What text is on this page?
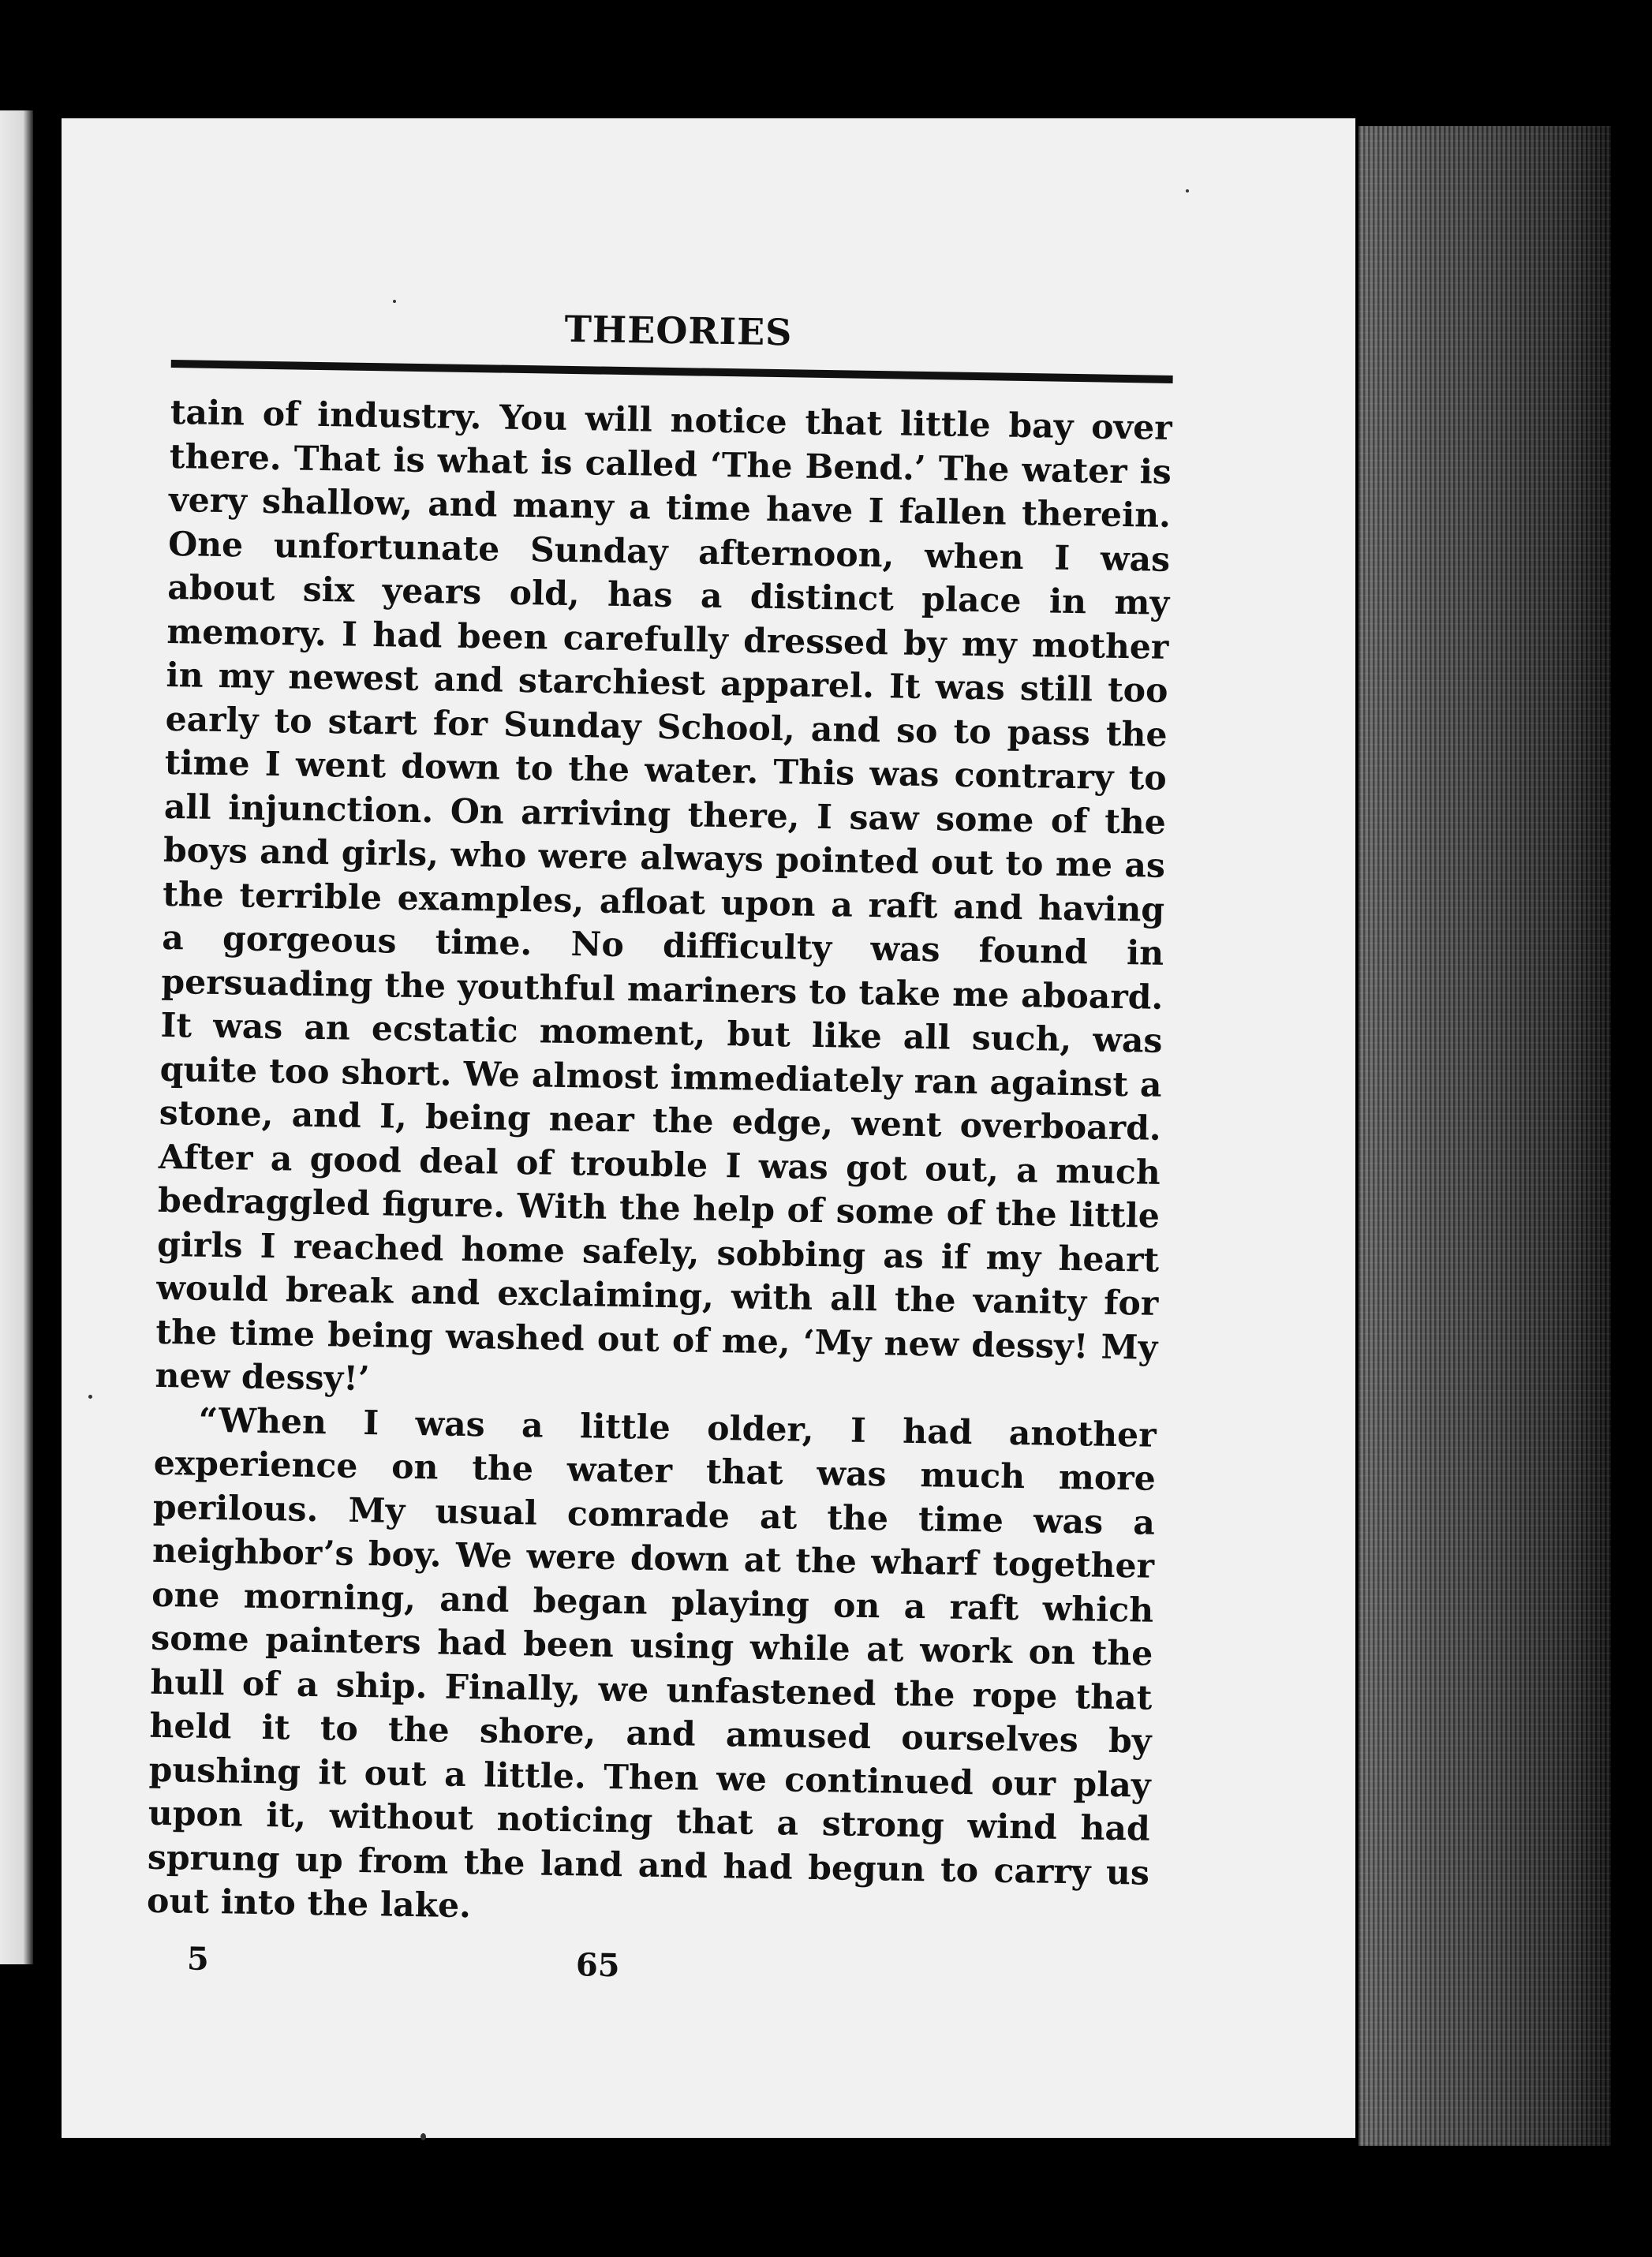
THEORIES

tain of industry. You will notice that little bay over there. That is what is called ‘The Bend.’ The water is very shallow, and many a time have I fallen therein. One unfortunate Sunday afternoon, when I was about six years old, has a distinct place in my memory. I had been carefully dressed by my mother in my newest and starchiest apparel. It was still too early to start for Sunday School, and so to pass the time I went down to the water. This was contrary to all injunction. On arriving there, I saw some of the boys and girls, who were always pointed out to me as the terrible examples, afloat upon a raft and having a gorgeous time. No difficulty was found in persuading the youthful mariners to take me aboard. It was an ecstatic moment, but like all such, was quite too short. We almost immediately ran against a stone, and I, being near the edge, went overboard. After a good deal of trouble I was got out, a much bedraggled figure. With the help of some of the little girls I reached home safely, sobbing as if my heart would break and exclaiming, with all the vanity for the time being washed out of me, ‘My new dessy! My new dessy!’

“When I was a little older, I had another experience on the water that was much more perilous. My usual comrade at the time was a neighbor’s boy. We were down at the wharf together one morning, and began playing on a raft which some painters had been using while at work on the hull of a ship. Finally, we unfastened the rope that held it to the shore, and amused ourselves by pushing it out a little. Then we continued our play upon it, without noticing that a strong wind had sprung up from the land and had begun to carry us out into the lake.

5	65
